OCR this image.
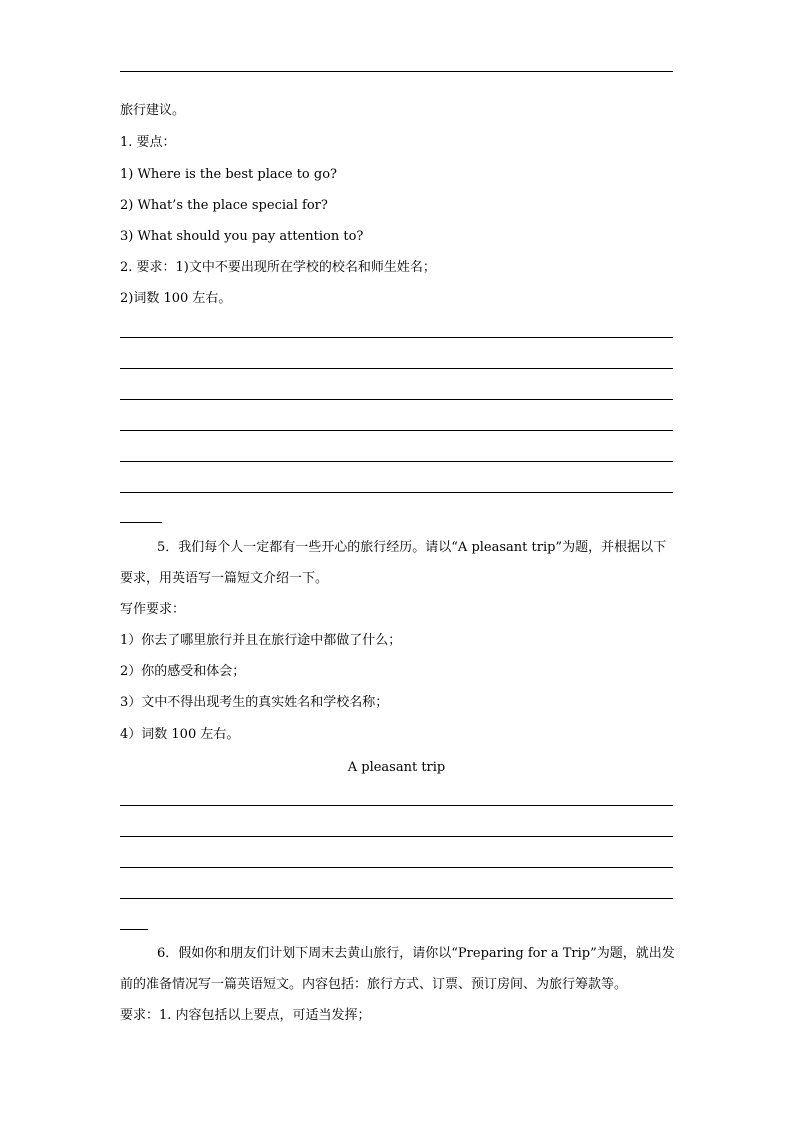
旅行建议。
1. 要点：
1) Where is the best place to go?
2) What’s the place special for?
3) What should you pay attention to?
2. 要求：1)文中不要出现所在学校的校名和师生姓名；
2)词数 100 左右。
5．我们每个人一定都有一些开心的旅行经历。请以“A pleasant trip”为题，并根据以下
要求，用英语写一篇短文介绍一下。
写作要求：
1）你去了哪里旅行并且在旅行途中都做了什么；
2）你的感受和体会；
3）文中不得出现考生的真实姓名和学校名称；
4）词数 100 左右。
A pleasant trip
6．假如你和朋友们计划下周末去黄山旅行，请你以“Preparing for a Trip”为题，就出发
前的准备情况写一篇英语短文。内容包括：旅行方式、订票、预订房间、为旅行筹款等。
要求：1. 内容包括以上要点，可适当发挥；
